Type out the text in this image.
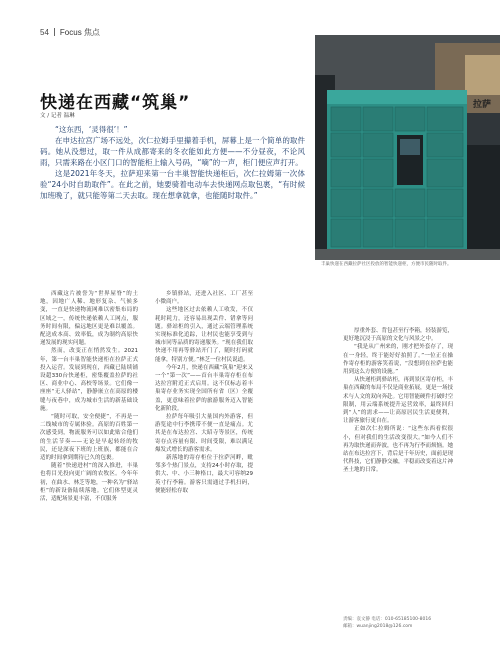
54 Focus 焦点
快递在西藏“筑巢”
文 / 记者 温琳

“这东西，‘灵得很’！”

在申达拉宫广场不远处，次仁拉姆手里攥着手机，屏幕上是一个简单的取件码。她从没想过，取一件从成都寄来的冬衣能如此方便——不分昼夜，不论风雨，只需来路在小区门口的智能柜上输入号码，“嘀”的一声，柜门便应声打开。

这是2021年冬天，拉萨迎来第一台丰巢智能快递柜后，次仁拉姆第一次体验“24小时自助取件”。在此之前，她要骑着电动车去快递网点取包裹，“有时候加班晚了，就只能等第二天去取。现在想拿就拿，也能随时取件。”

拉萨
丰巢快递在西藏拉萨社区投放的智能快递柜，方便市民随时取件。

西藏这片被誉为“世界屋脊”的土地，因地广人稀、地形复杂、气候多变，一直是快递物流网难以密集布局的区域之一，传统快递依赖人工网点，服务时间有限，偏远地区更是难以覆盖。配送成本高、效率低，成为制约高原快递发展的现实问题。

然而，改变正在悄然发生。2021年，第一台丰巢智能快递柜在拉萨正式投入运营。发展到现在，西藏已陆续铺设超330台快递柜，密集覆盖拉萨的社区、商业中心、高校等场景。它们像一座座“无人驿站”，静静嵌立在高原的楼缝与夜巷中，成为城市生活的新基础设施。

“随时可取，安全便捷”，不再是一二线城市的专属体验。高原的百姓第一次感受到，物流服务可以如此贴合他们的生活节奏——无论是早起转经的牧民，还是深夜下班的上班族，都能在合适的时间拿到期待已久的包裹。

随着“快递进村”的深入推进，丰巢也将目光投向更广阔的农牧区。今年年初，在曲水、林芝等地，一种名为“驿站柜”的新设备陆续落地。它们体型更灵活，适配场景更丰富，不仅服务

乡镇驿站，还进入社区、工厂甚至小微商户。

这些地区过去依赖人工收发，不仅耗时耗力，还容易出现丢件、错拿等问题。驿站柜的引入，通过云端管理系统实现标准化追踪，让村民也能享受到与城市同等品质的寄递服务。“现在我们取快递不用再等驿站开门了，随时打码就能拿，特别方便。”林芝一位村民说道。

今年2月，快递在西藏“筑巢”迎来又一个“第一次”——首台丰巢寄存柜在布达拉宫附近正式启用。这不仅标志着丰巢寄存业务实现全国所有省（区）全覆盖，更意味着拉萨的旅游服务迈入智能化新阶段。

拉萨每年吸引大量国内外游客，但游览途中行李携带不便一直是痛点。尤其是在布达拉宫、大昭寺等景区，传统寄存点容量有限、时间受限，难以满足爆发式增长的游客需求。

新落地的寄存柜位于拉萨河畔，毗邻多个热门景点，支持24小时存取，提供大、中、小三种格口，最大可容纳29英寸行李箱。游客只需通过手机扫码，便能轻松存取

厚重外套、背包甚至行李箱，轻装游览，更好地沉浸于高原的文化与风景之中。

“我是从广州来的，刚才把外套存了，现在一身轻，终于能好好拍照了。”一位正在操作寄存柜的游客笑着说，“没想到在拉萨也能用到这么方便的设施。”

从快递柜到驿站柜，再到景区寄存柜，丰巢在西藏的布局不仅是商业拓展，更是一场技术与人文的双向奔赴。它用智能硬件打破时空限制，用云端系统提升运营效率，最终回归到“人”的需求——让高原居民生活更便利，让游客旅行更自在。

正如次仁拉姆所说：“这些东西看似很小，但对我们的生活改变很大。”如今人们不再为取快递而奔波，也不再为行李而烦恼。她站在布达拉宫下，背后是千年历史，面前是现代科技，它们静静交融，平稳而改变着这片神圣土地的日常。

责编：袁文静 电话：010-65185100-8016
邮箱：wuanjing2018@126.com
